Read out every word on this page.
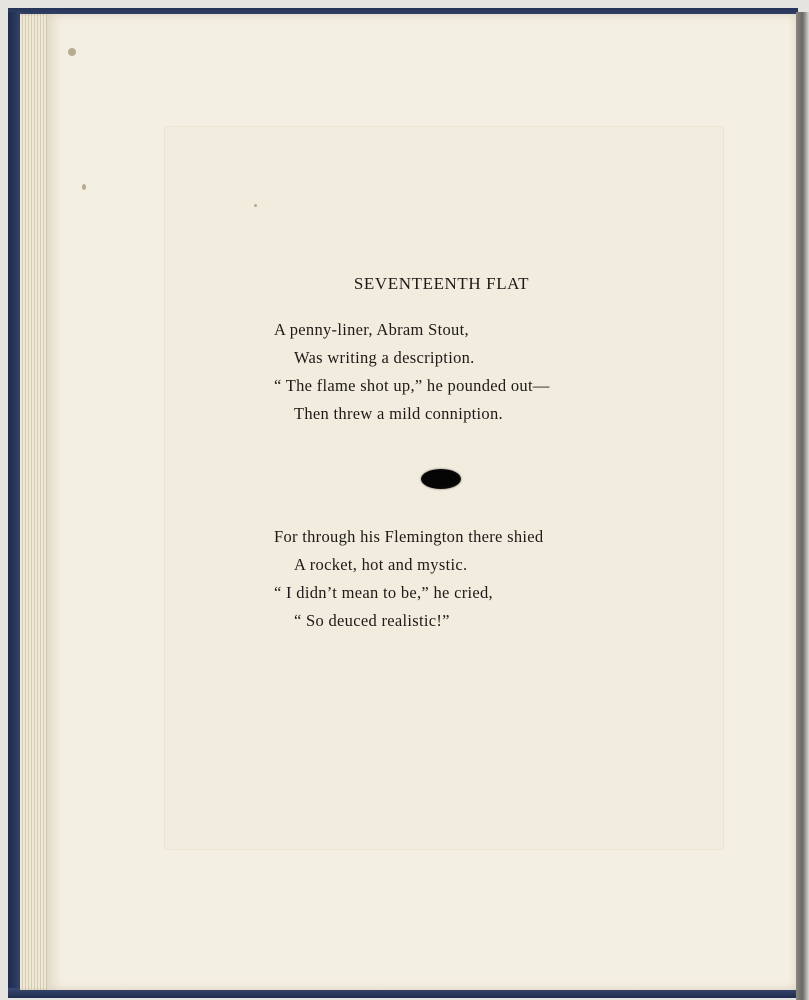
SEVENTEENTH FLAT
A penny-liner, Abram Stout,
Was writing a description.
“ The flame shot up,” he pounded out—
Then threw a mild conniption.
For through his Flemington there shied
A rocket, hot and mystic.
“ I didn’t mean to be,” he cried,
“ So deuced realistic!”
